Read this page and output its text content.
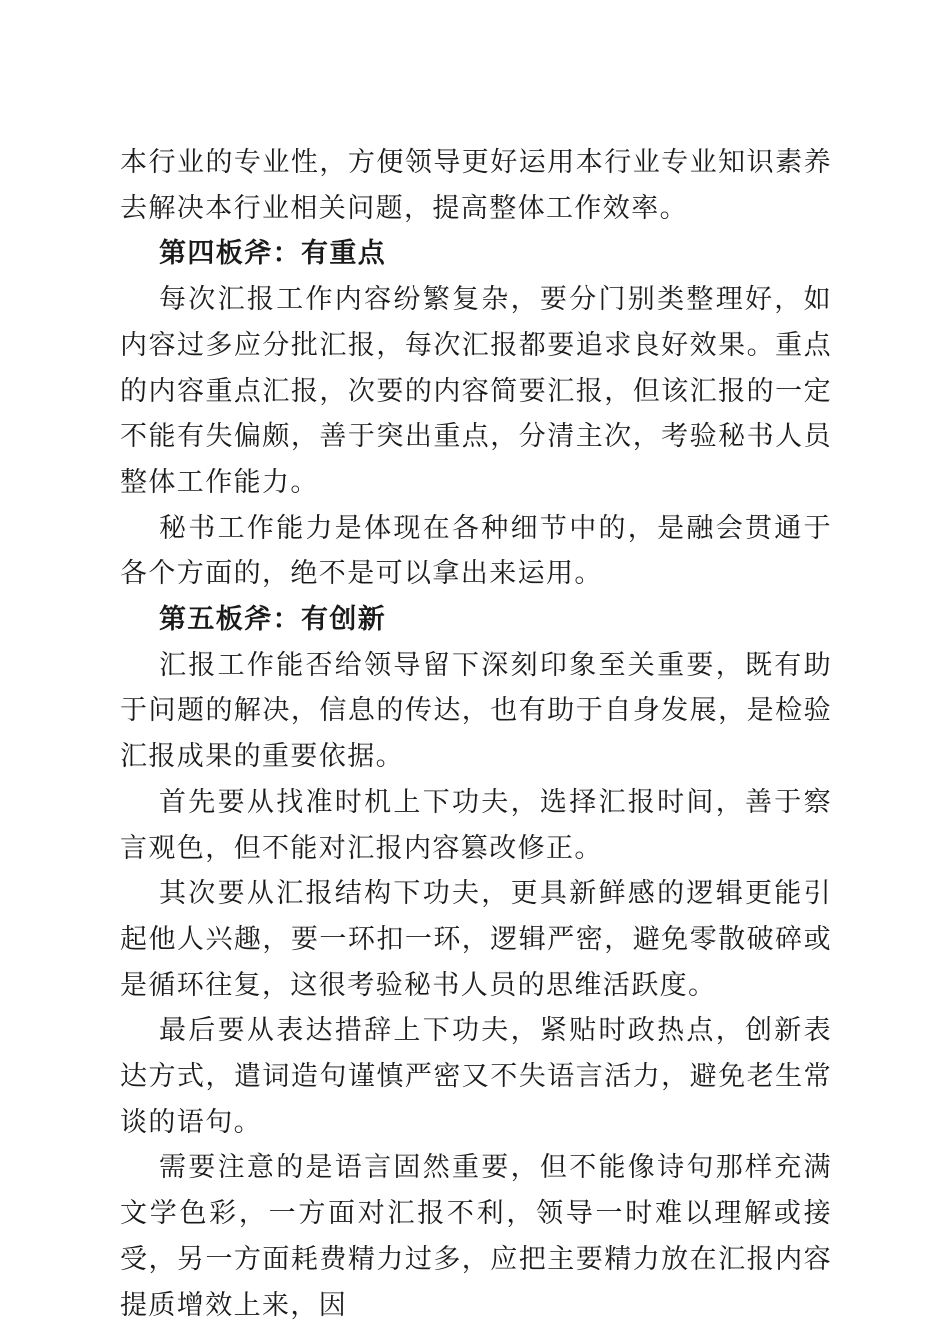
本行业的专业性，方便领导更好运用本行业专业知识素养去解决本行业相关问题，提高整体工作效率。

第四板斧：有重点

每次汇报工作内容纷繁复杂，要分门别类整理好，如内容过多应分批汇报，每次汇报都要追求良好效果。重点的内容重点汇报，次要的内容简要汇报，但该汇报的一定不能有失偏颇，善于突出重点，分清主次，考验秘书人员整体工作能力。

秘书工作能力是体现在各种细节中的，是融会贯通于各个方面的，绝不是可以拿出来运用。

第五板斧：有创新

汇报工作能否给领导留下深刻印象至关重要，既有助于问题的解决，信息的传达，也有助于自身发展，是检验汇报成果的重要依据。

首先要从找准时机上下功夫，选择汇报时间，善于察言观色，但不能对汇报内容篡改修正。

其次要从汇报结构下功夫，更具新鲜感的逻辑更能引起他人兴趣，要一环扣一环，逻辑严密，避免零散破碎或是循环往复，这很考验秘书人员的思维活跃度。

最后要从表达措辞上下功夫，紧贴时政热点，创新表达方式，遣词造句谨慎严密又不失语言活力，避免老生常谈的语句。

需要注意的是语言固然重要，但不能像诗句那样充满文学色彩，一方面对汇报不利，领导一时难以理解或接受，另一方面耗费精力过多，应把主要精力放在汇报内容提质增效上来，因
